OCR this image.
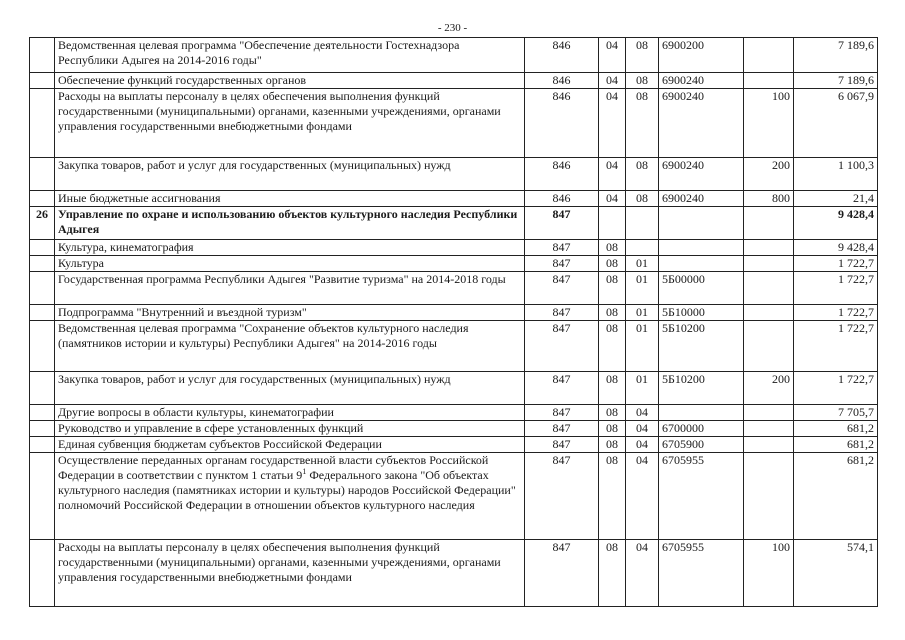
- 230 -
	Ведомственная целевая программа "Обеспечение деятельности Гостехнадзора Республики Адыгея на 2014-2016 годы"	846	04	08	6900200		7 189,6
	Обеспечение функций государственных органов	846	04	08	6900240		7 189,6
	Расходы на выплаты персоналу в целях обеспечения выполнения функций государственными (муниципальными) органами, казенными учреждениями, органами управления государственными внебюджетными фондами	846	04	08	6900240	100	6 067,9
	Закупка товаров, работ и услуг для государственных (муниципальных) нужд	846	04	08	6900240	200	1 100,3
	Иные бюджетные ассигнования	846	04	08	6900240	800	21,4
26	Управление по охране и использованию объектов культурного наследия Республики Адыгея	847					9 428,4
	Культура, кинематография	847	08				9 428,4
	Культура	847	08	01			1 722,7
	Государственная программа Республики Адыгея "Развитие туризма" на 2014-2018 годы	847	08	01	5Б00000		1 722,7
	Подпрограмма "Внутренний и въездной туризм"	847	08	01	5Б10000		1 722,7
	Ведомственная целевая программа "Сохранение объектов культурного наследия (памятников истории и культуры) Республики Адыгея" на 2014-2016 годы	847	08	01	5Б10200		1 722,7
	Закупка товаров, работ и услуг для государственных (муниципальных) нужд	847	08	01	5Б10200	200	1 722,7
	Другие вопросы в области культуры, кинематографии	847	08	04			7 705,7
	Руководство и управление в сфере установленных функций	847	08	04	6700000		681,2
	Единая субвенция бюджетам субъектов Российской Федерации	847	08	04	6705900		681,2
	Осуществление переданных органам государственной власти субъектов Российской Федерации в соответствии с пунктом 1 статьи $9^1$ Федерального закона "Об объектах культурного наследия (памятниках истории и культуры) народов Российской Федерации" полномочий Российской Федерации в отношении объектов культурного наследия	847	08	04	6705955		681,2
	Расходы на выплаты персоналу в целях обеспечения выполнения функций государственными (муниципальными) органами, казенными учреждениями, органами управления государственными внебюджетными фондами	847	08	04	6705955	100	574,1
